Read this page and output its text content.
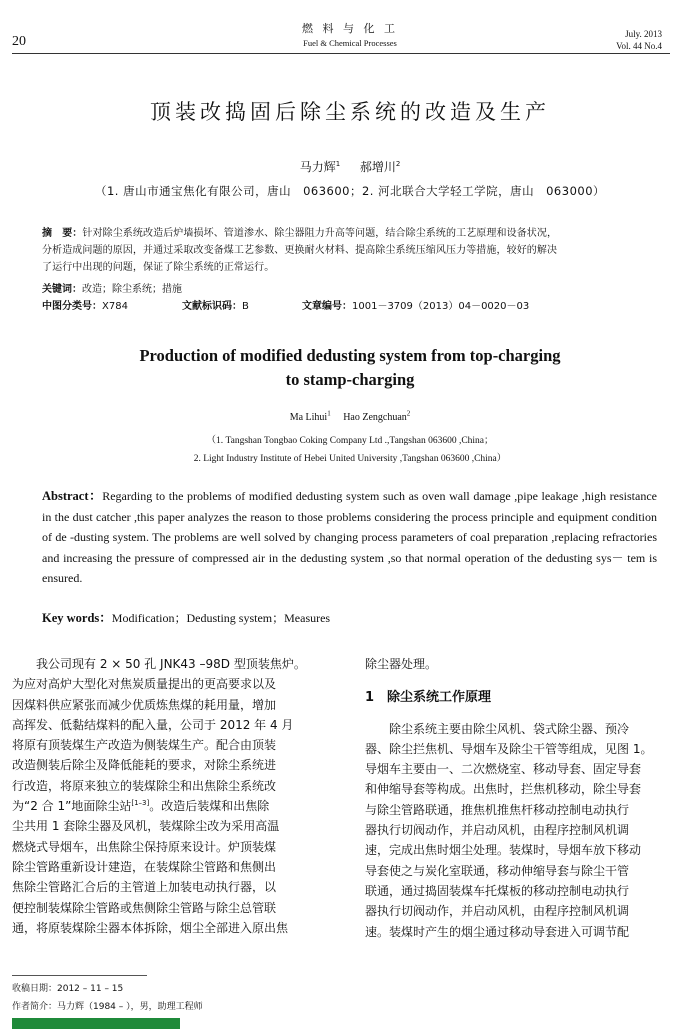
20
燃 料 与 化 工
Fuel & Chemical Processes
July. 2013
Vol. 44 No.4
顶装改捣固后除尘系统的改造及生产
马力辉$^1$ 　 郝增川$^2$
（1. 唐山市通宝焦化有限公司，唐山　063600；2. 河北联合大学轻工学院，唐山　063000）
摘　要：针对除尘系统改造后炉墙损坏、管道渗水、除尘器阻力升高等问题，结合除尘系统的工艺原理和设备状况，
分析造成问题的原因，并通过采取改变备煤工艺参数、更换耐火材料、提高除尘系统压缩风压力等措施，较好的解决
了运行中出现的问题，保证了除尘系统的正常运行。
关键词：改造；除尘系统；措施
中图分类号：X784	文献标识码：B	文章编号：1001－3709（2013）04－0020－03
Production of modified dedusting system from top-charging
to stamp-charging
Ma Lihui$^1$ Hao Zengchuan$^2$
（1. Tangshan Tongbao Coking Company Ltd .,Tangshan 063600 ,China；
2. Light Industry Institute of Hebei United University ,Tangshan 063600 ,China）
Abstract：Regarding to the problems of modified dedusting system such as oven wall damage ,pipe leakage ,high resistance in the dust catcher ,this paper analyzes the reason to those problems considering the process principle and equipment condition of de -dusting system. The problems are well solved by changing process parameters of coal preparation ,replacing refractories and increasing the pressure of compressed air in the dedusting system ,so that normal operation of the dedusting sys－ tem is ensured.
Key words：Modification；Dedusting system；Measures
　　我公司现有 2 × 50 孔 JNK43 –98D 型顶装焦炉。
为应对高炉大型化对焦炭质量提出的更高要求以及
因煤料供应紧张而减少优质炼焦煤的耗用量，增加
高挥发、低黏结煤料的配入量，公司于 2012 年 4 月
将原有顶装煤生产改造为侧装煤生产。配合由顶装
改造侧装后除尘及降低能耗的要求，对除尘系统进
行改造，将原来独立的装煤除尘和出焦除尘系统改
为“2 合 1”地面除尘站[1–3]。改造后装煤和出焦除
尘共用 1 套除尘器及风机，装煤除尘改为采用高温
燃烧式导烟车，出焦除尘保持原来设计。炉顶装煤
除尘管路重新设计建造，在装煤除尘管路和焦侧出
焦除尘管路汇合后的主管道上加装电动执行器，以
便控制装煤除尘管路或焦侧除尘管路与除尘总管联
通，将原装煤除尘器本体拆除，烟尘全部进入原出焦
除尘器处理。
1　除尘系统工作原理
　　除尘系统主要由除尘风机、袋式除尘器、预冷
器、除尘拦焦机、导烟车及除尘干管等组成，见图 1。
导烟车主要由一、二次燃烧室、移动导套、固定导套
和伸缩导套等构成。出焦时，拦焦机移动，除尘导套
与除尘管路联通，推焦机推焦杆移动控制电动执行
器执行切阀动作，并启动风机，由程序控制风机调
速，完成出焦时烟尘处理。装煤时，导烟车放下移动
导套使之与炭化室联通，移动伸缩导套与除尘干管
联通，通过捣固装煤车托煤板的移动控制电动执行
器执行切阀动作，并启动风机，由程序控制风机调
速。装煤时产生的烟尘通过移动导套进入可调节配
收稿日期：2012 – 11 – 15
作者简介：马力辉（1984 – ），男，助理工程师
